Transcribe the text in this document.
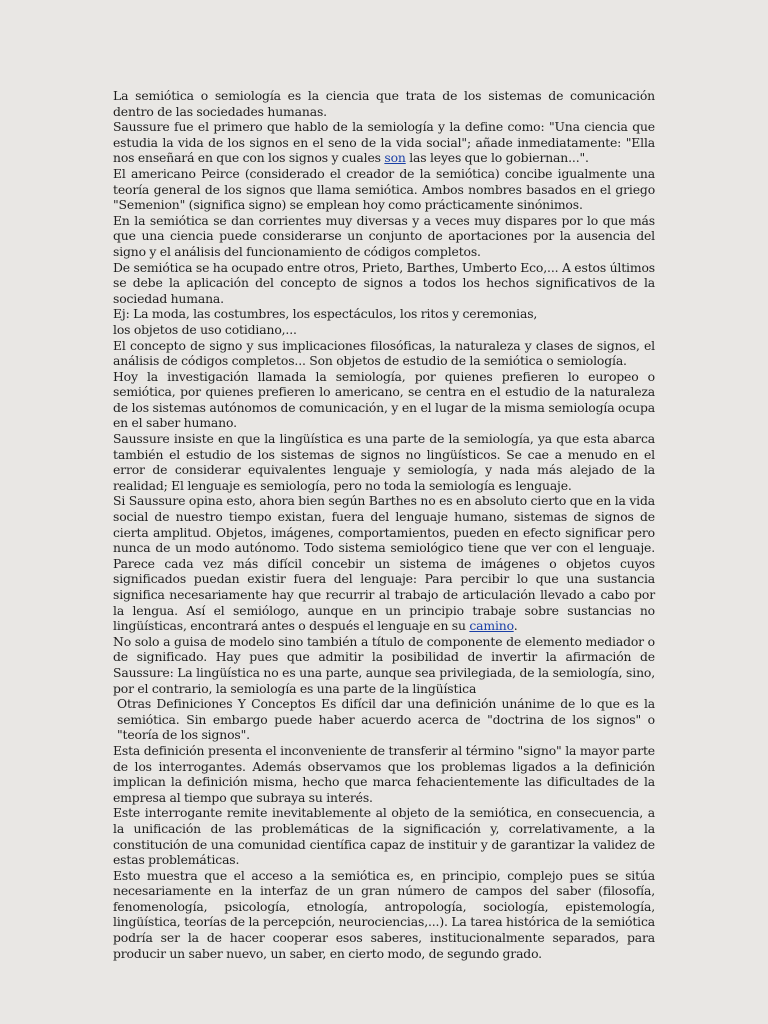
La semiótica o semiología es la ciencia que trata de los sistemas de comunicación dentro de las sociedades humanas.

Saussure fue el primero que hablo de la semiología y la define como: "Una ciencia que estudia la vida de los signos en el seno de la vida social"; añade inmediatamente: "Ella nos enseñará en que con los signos y cuales son las leyes que lo gobiernan...".

El americano Peirce (considerado el creador de la semiótica) concibe igualmente una teoría general de los signos que llama semiótica. Ambos nombres basados en el griego "Semenion" (significa signo) se emplean hoy como prácticamente sinónimos.

En la semiótica se dan corrientes muy diversas y a veces muy dispares por lo que más que una ciencia puede considerarse un conjunto de aportaciones por la ausencia del signo y el análisis del funcionamiento de códigos completos.

De semiótica se ha ocupado entre otros, Prieto, Barthes, Umberto Eco,... A estos últimos se debe la aplicación del concepto de signos a todos los hechos significativos de la sociedad humana.

Ej: La moda, las costumbres, los espectáculos, los ritos y ceremonias,

los objetos de uso cotidiano,...

El concepto de signo y sus implicaciones filosóficas, la naturaleza y clases de signos, el análisis de códigos completos... Son objetos de estudio de la semiótica o semiología.

Hoy la investigación llamada la semiología, por quienes prefieren lo europeo o semiótica, por quienes prefieren lo americano, se centra en el estudio de la naturaleza de los sistemas autónomos de comunicación, y en el lugar de la misma semiología ocupa en el saber humano.

Saussure insiste en que la lingüística es una parte de la semiología, ya que esta abarca también el estudio de los sistemas de signos no lingüísticos. Se cae a menudo en el error de considerar equivalentes lenguaje y semiología, y nada más alejado de la realidad; El lenguaje es semiología, pero no toda la semiología es lenguaje.

Si Saussure opina esto, ahora bien según Barthes no es en absoluto cierto que en la vida social de nuestro tiempo existan, fuera del lenguaje humano, sistemas de signos de cierta amplitud. Objetos, imágenes, comportamientos, pueden en efecto significar pero nunca de un modo autónomo. Todo sistema semiológico tiene que ver con el lenguaje. Parece cada vez más difícil concebir un sistema de imágenes o objetos cuyos significados puedan existir fuera del lenguaje: Para percibir lo que una sustancia significa necesariamente hay que recurrir al trabajo de articulación llevado a cabo por la lengua. Así el semiólogo, aunque en un principio trabaje sobre sustancias no lingüísticas, encontrará antes o después el lenguaje en su camino.

No solo a guisa de modelo sino también a título de componente de elemento mediador o de significado. Hay pues que admitir la posibilidad de invertir la afirmación de Saussure: La lingüística no es una parte, aunque sea privilegiada, de la semiología, sino, por el contrario, la semiología es una parte de la lingüística

Otras Definiciones Y Conceptos Es difícil dar una definición unánime de lo que es la semiótica. Sin embargo puede haber acuerdo acerca de "doctrina de los signos" o "teoría de los signos".

Esta definición presenta el inconveniente de transferir al término "signo" la mayor parte de los interrogantes. Además observamos que los problemas ligados a la definición implican la definición misma, hecho que marca fehacientemente las dificultades de la empresa al tiempo que subraya su interés.

Este interrogante remite inevitablemente al objeto de la semiótica, en consecuencia, a la unificación de las problemáticas de la significación y, correlativamente, a la constitución de una comunidad científica capaz de instituir y de garantizar la validez de estas problemáticas.

Esto muestra que el acceso a la semiótica es, en principio, complejo pues se sitúa necesariamente en la interfaz de un gran número de campos del saber (filosofía, fenomenología, psicología, etnología, antropología, sociología, epistemología, lingüística, teorías de la percepción, neurociencias,...). La tarea histórica de la semiótica podría ser la de hacer cooperar esos saberes, institucionalmente separados, para producir un saber nuevo, un saber, en cierto modo, de segundo grado.
